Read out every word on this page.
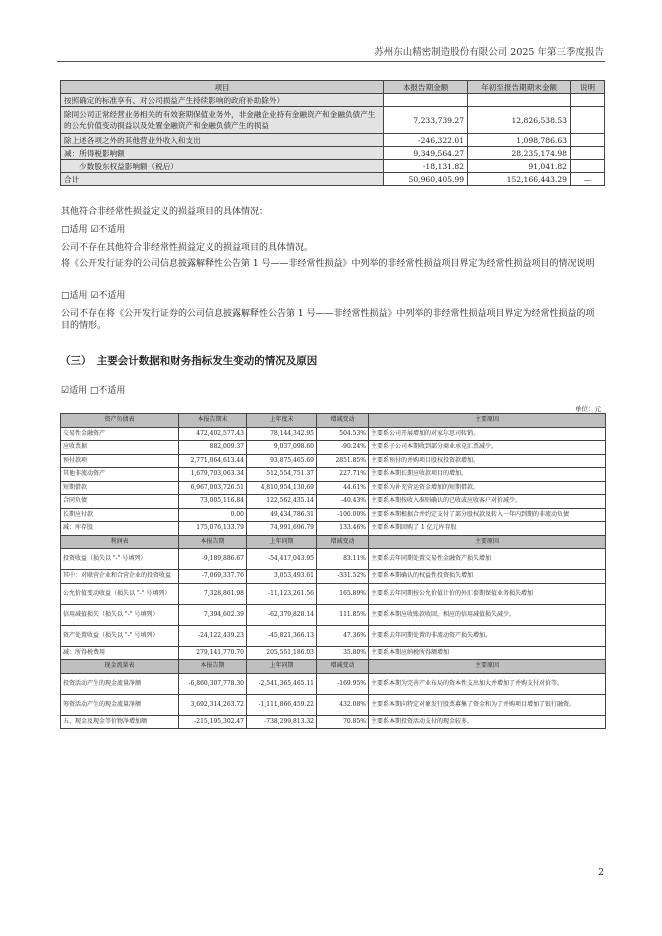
苏州东山精密制造股份有限公司 2025 年第三季度报告
项目	本报告期金额	年初至报告期期末金额	说明
按照确定的标准享有、对公司损益产生持续影响的政府补助除外）			
除同公司正常经营业务相关的有效套期保值业务外，非金融企业持有金融资产和金融负债产生的公允价值变动损益以及处置金融资产和金融负债产生的损益	7,233,739.27	12,826,538.53	
除上述各项之外的其他营业外收入和支出	-246,322.01	1,098,786.63	
减：所得税影响额	9,349,564.27	28,235,174.98	
　　少数股东权益影响额（税后）	-18,131.82	91,041.82	
合计	50,960,405.99	152,166,443.29	—
其他符合非经常性损益定义的损益项目的具体情况：
□适用 ☑不适用
公司不存在其他符合非经常性损益定义的损益项目的具体情况。
将《公开发行证券的公司信息披露解释性公告第 1 号——非经常性损益》中列举的非经常性损益项目界定为经常性损益项目的情况说明
□适用 ☑不适用
公司不存在将《公开发行证券的公司信息披露解释性公告第 1 号——非经常性损益》中列举的非经常性损益项目界定为经常性损益的项目的情形。
（三）　主要会计数据和财务指标发生变动的情况及原因
☑适用 □不适用
单位：元
资产负债表	本报告期末	上年度末	增减变动	主要原因
交易性金融资产	472,402,577.43	78,144,342.95	504.53%	主要系公司开展增加的对家尔思司转销。
应收票据	882,009.37	9,037,098.60	-90.24%	主要系子公司本期收到部分商业承兑汇票减少。
预付款项	2,771,064,613.44	93,875,465.69	2851.85%	主要系预付的并购项目股权投资款增加。
其他非流动资产	1,679,703,063.34	512,554,751.37	227.71%	主要系本期长期应收款项目的增加。
短期借款	6,967,003,726.51	4,810,954,130.69	44.61%	主要系为补充营运资金增加的短期借款。
合同负债	73,005,116.84	122,562,435.14	-40.43%	主要系本期按收入准则确认的已收或应收客户对价减少。
长期应付款	0.00	49,434,786.31	-100.00%	主要系本期根据合并约定支付了部分股权款及转入一年内到期的非流动负债
减：库存股	175,076,133.79	74,991,696.79	133.46%	主要系本期回购了 1 亿元库存股
利润表	本报告期	上年同期	增减变动	主要原因
投资收益（损失以 "-" 号填列）	-9,189,886.67	-54,417,043.95	83.11%	主要系去年同期处置交易性金融资产损失增加
其中：对联营企业和合营企业的投资收益	-7,069,337.76	3,053,493.61	-331.52%	主要系本期确认的权益性投资损失增加
公允价值变动收益（损失以 "-" 号填列）	7,328,861.98	-11,123,261.56	165.89%	主要系去年同期按公允价值计价的外汇套期保值业务损失增加
信用减值损失（损失以 "-" 号填列）	7,394,602.39	-62,379,828.14	111.85%	主要系本期应收账款收回，相应的信用减值损失减少。
资产处置收益（损失以 "-" 号填列）	-24,122,439.23	-45,821,366.13	47.36%	主要系去年同期处置的非流动资产损失增加。
减：所得税费用	279,141,770.70	205,551,186.03	35.80%	主要系本期应纳税所得额增加
现金流量表	本报告期	上年同期	增减变动	主要原因
投资活动产生的现金流量净额	-6,860,307,778.30	-2,541,365,465.11	-169.95%	主要系本期为完善产业布局的资本性支出加大并增加了并购支付对价等。
筹资活动产生的现金流量净额	3,692,314,263.72	-1,111,866,459.22	432.08%	主要系本期向特定对象发行股票募集了资金和为了并购项目增加了银行融资。
五、现金及现金等价物净增加额	-215,195,302.47	-738,299,813.32	70.85%	主要系本期投资活动支付的现金较多。
2
